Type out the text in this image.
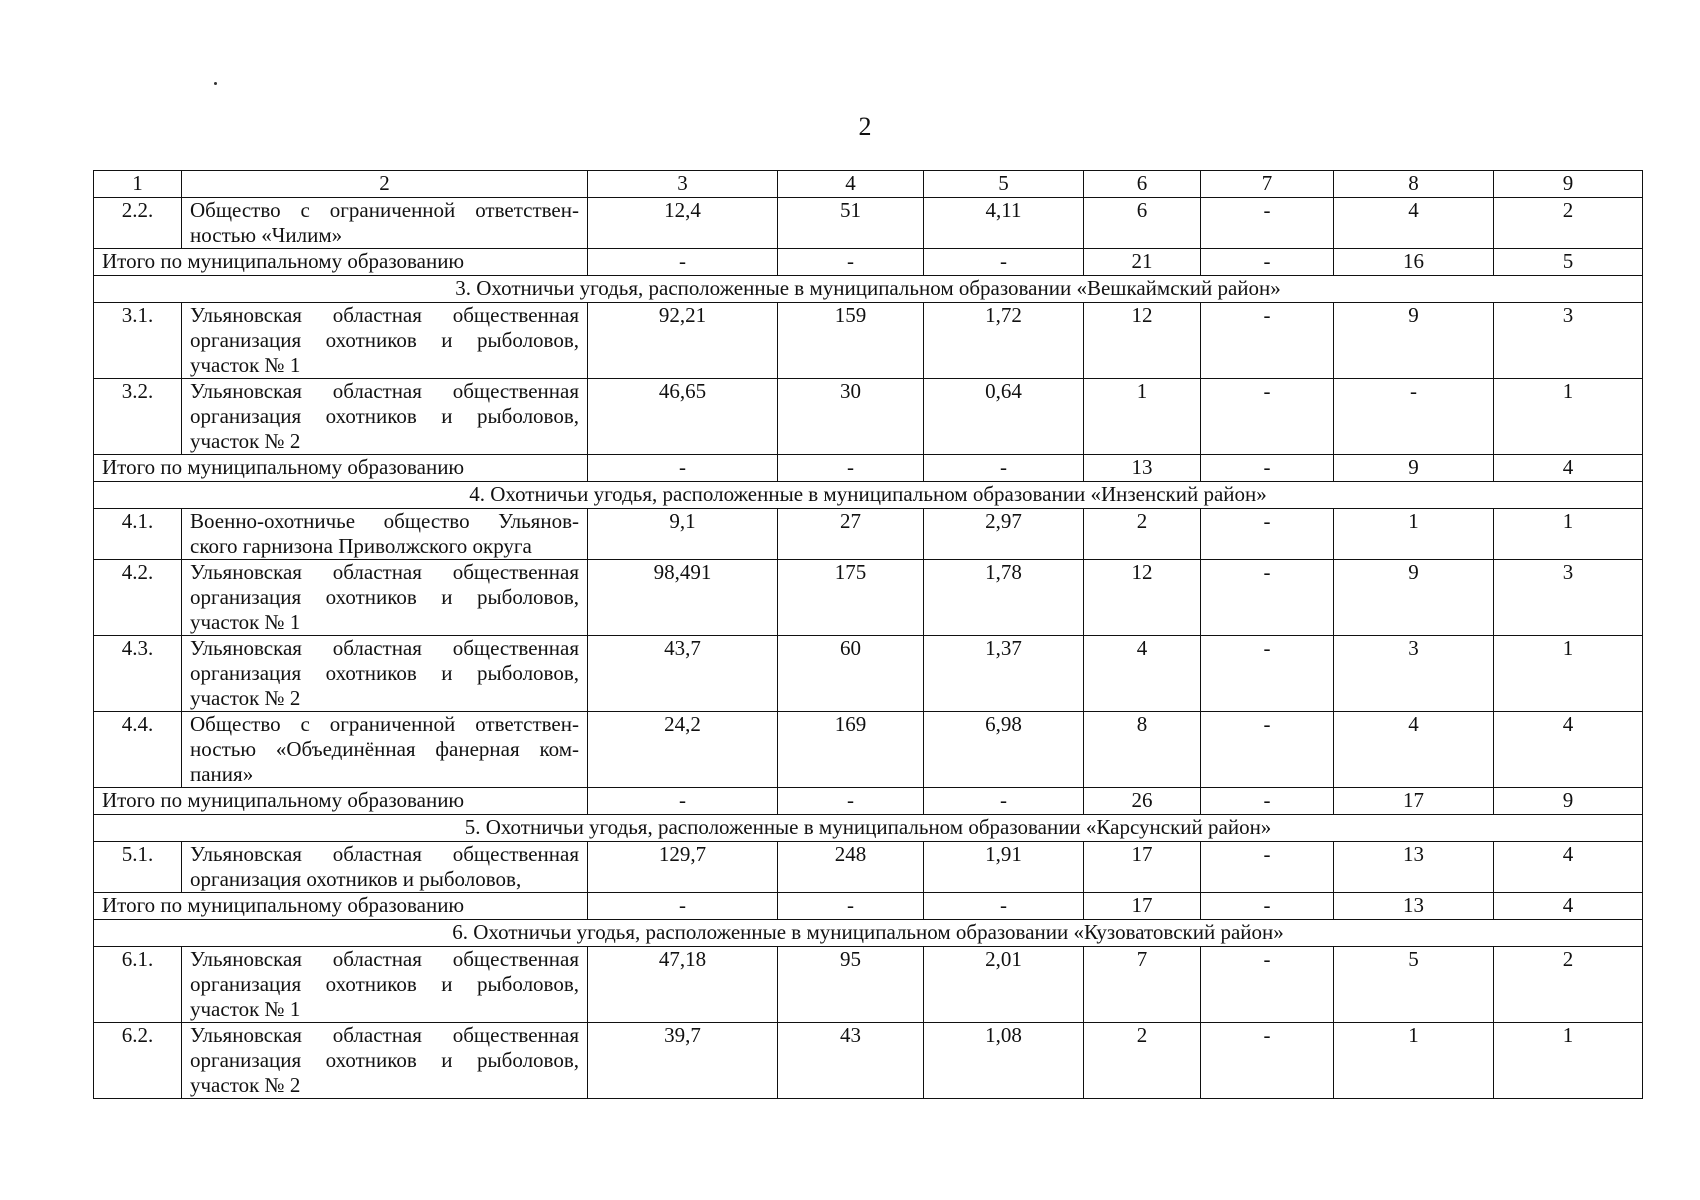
2
1	2	3	4	5	6	7	8	9
2.2.	Общество с ограниченной ответствен-ностью «Чилим»	12,4	51	4,11	6	-	4	2
Итого по муниципальному образованию		-	-	-	21	-	16	5
3. Охотничьи угодья, расположенные в муниципальном образовании «Вешкаймский район»								
3.1.	Ульяновская областная общественная организация охотников и рыболовов, участок № 1	92,21	159	1,72	12	-	9	3
3.2.	Ульяновская областная общественная организация охотников и рыболовов, участок № 2	46,65	30	0,64	1	-	-	1
Итого по муниципальному образованию		-	-	-	13	-	9	4
4. Охотничьи угодья, расположенные в муниципальном образовании «Инзенский район»								
4.1.	Военно-охотничье общество Ульянов-ского гарнизона Приволжского округа	9,1	27	2,97	2	-	1	1
4.2.	Ульяновская областная общественная организация охотников и рыболовов, участок № 1	98,491	175	1,78	12	-	9	3
4.3.	Ульяновская областная общественная организация охотников и рыболовов, участок № 2	43,7	60	1,37	4	-	3	1
4.4.	Общество с ограниченной ответствен-ностью «Объединённая фанерная ком-пания»	24,2	169	6,98	8	-	4	4
Итого по муниципальному образованию		-	-	-	26	-	17	9
5. Охотничьи угодья, расположенные в муниципальном образовании «Карсунский район»								
5.1.	Ульяновская областная общественная организация охотников и рыболовов,	129,7	248	1,91	17	-	13	4
Итого по муниципальному образованию		-	-	-	17	-	13	4
6. Охотничьи угодья, расположенные в муниципальном образовании «Кузоватовский район»								
6.1.	Ульяновская областная общественная организация охотников и рыболовов, участок № 1	47,18	95	2,01	7	-	5	2
6.2.	Ульяновская областная общественная организация охотников и рыболовов, участок № 2	39,7	43	1,08	2	-	1	1
